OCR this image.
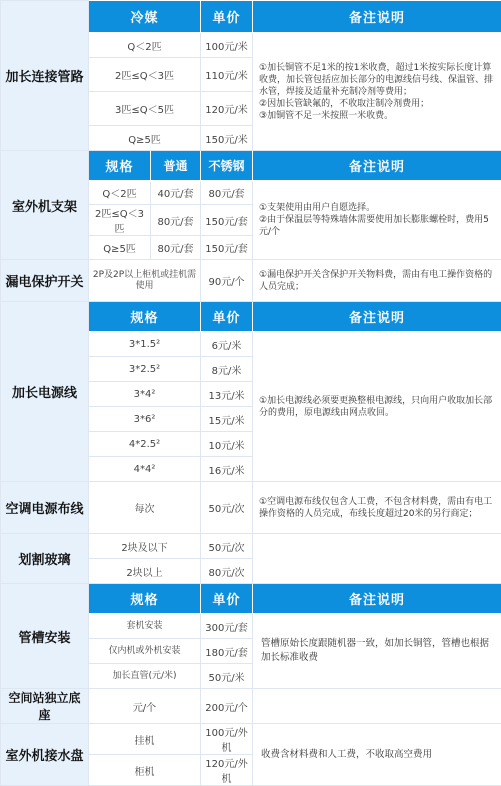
加长连接管路	冷媒		单价	备注说明
	Q＜2匹		100元/米	①加长铜管不足1米的按1米收费，超过1米按实际长度计算收费，加长管包括应加长部分的电源线信号线、保温管、排水管，焊接及适量补充制冷剂等费用；
②因加长管缺氟的，不收取注制冷剂费用；
③加铜管不足一米按照一米收费。

	2匹≤Q＜3匹		110元/米	
	3匹≤Q＜5匹		120元/米	
	Q≥5匹		150元/米	
室外机支架	规格	普通	不锈钢	备注说明
	Q＜2匹	40元/套	80元/套	①支架使用由用户自愿选择。
②由于保温层等特殊墙体需要使用加长膨胀螺栓时，费用5元/个

	2匹≤Q＜3匹	80元/套	150元/套	
	Q≥5匹	80元/套	150元/套	
漏电保护开关	2P及2P以上柜机或挂机需使用		90元/个	①漏电保护开关含保护开关物料费，需由有电工操作资格的人员完成；

加长电源线	规格		单价	备注说明
	3*1.5²		6元/米	①加长电源线必须要更换整根电源线，只向用户收取加长部分的费用，原电源线由网点收回。

	3*2.5²		8元/米	
	3*4²		13元/米	
	3*6²		15元/米	
	4*2.5²		10元/米	
	4*4²		16元/米	
空调电源布线	每次		50元/次	①空调电源布线仅包含人工费，不包含材料费，需由有电工操作资格的人员完成，布线长度超过20米的另行商定；

划割玻璃	2块及以下		50元/次	
	2块以上		80元/次	
管槽安装	规格		单价	备注说明
	套机安装		300元/套	管槽原始长度跟随机器一致，如加长铜管，管槽也根据加长标准收费
	仅内机或外机安装		180元/套	
	加长直管(元/米)		50元/米	
空间站独立底座	元/个		200元/个	
室外机接水盘	挂机		100元/外机	收费含材料费和人工费，不收取高空费用
	柜机		120元/外机	
